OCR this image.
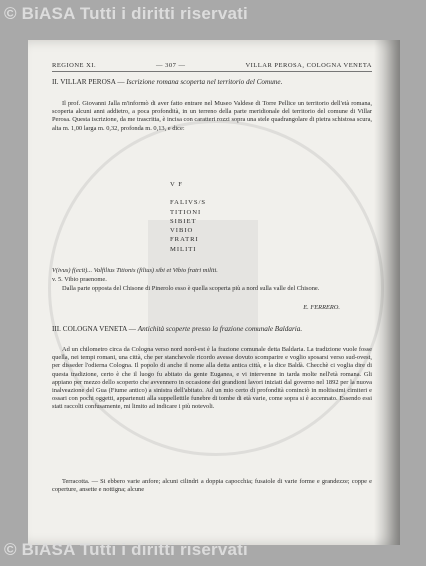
© BiASA Tutti i diritti riservati
REGIONE XI.	— 307 —	VILLAR PEROSA, COLOGNA VENETA
II. VILLAR PEROSA — Iscrizione romana scoperta nel territorio del Comune.
Il prof. Giovanni Jalla m'informò di aver fatto entrare nel Museo Valdese di Torre Pellice un territorio dell'età romana, scoperta alcuni anni addietro, a poca profondità, in un terreno della parte meridionale del territorio del comune di Villar Perosa. Questa iscrizione, da me trascritta, è incisa con caratteri rozzi sopra una stele quadrangolare di pietra schistosa scura, alta m. 1,00 larga m. 0,32, profonda m. 0,13, e dice:
V F
FALIVS/S
TITIONI
SIBIET
VIBIO
FRATRI
MILITI
V(ivus) f(ecit)... Valfilius Titionis (filius) sibi et Vibio fratri militi.
v. 5. Vibio praenome.
Dalla parte opposta del Chisone di Pinerolo esso è quella scoperta più a nord sulla valle del Chisone.
E. FERRERO.
III. COLOGNA VENETA — Antichità scoperte presso la frazione comunale Baldaria.
Ad un chilometro circa da Cologna verso nord nord-est è la frazione comunale detta Baldaria. La tradizione vuole fosse quella, nei tempi romani, una città, che per stanchevole ricordo avesse dovuto scomparire e voglio sposarsi verso sud-ovest, per disseder l'odierna Cologna. Il popolo di anche il nome alla detta antica città, e la dice Baldà. Checchè ci voglia dire di questa tradizione, certo è che il luogo fu abitato da gente Euganea, e vi intervenne in tarda molte nell'età romana. Gli appiano per mezzo dello scoperto che avvennero in occasione dei grandioni lavori iniziati dal governo nel 1892 per la nuova inalveazione del Gua (Fiume antico) a sinistra dell'abitato. Ad un mio certo di profondità cominciò in moltissimi cimiteri e ossari con pochi oggetti, appartenuti alla suppellettile funebre di tombe di età varie, come sopra si è accennato. Essendo essi stati raccolti confusamente, mi limito ad indicare i più notevoli.
Terracotta. — Si ebbero varie anfore; alcuni cilindri a doppia capocchia; fusaiole di varie forme e grandezze; coppe e coperture, ansette e nottigna; alcune
© BiASA Tutti i diritti riservati
